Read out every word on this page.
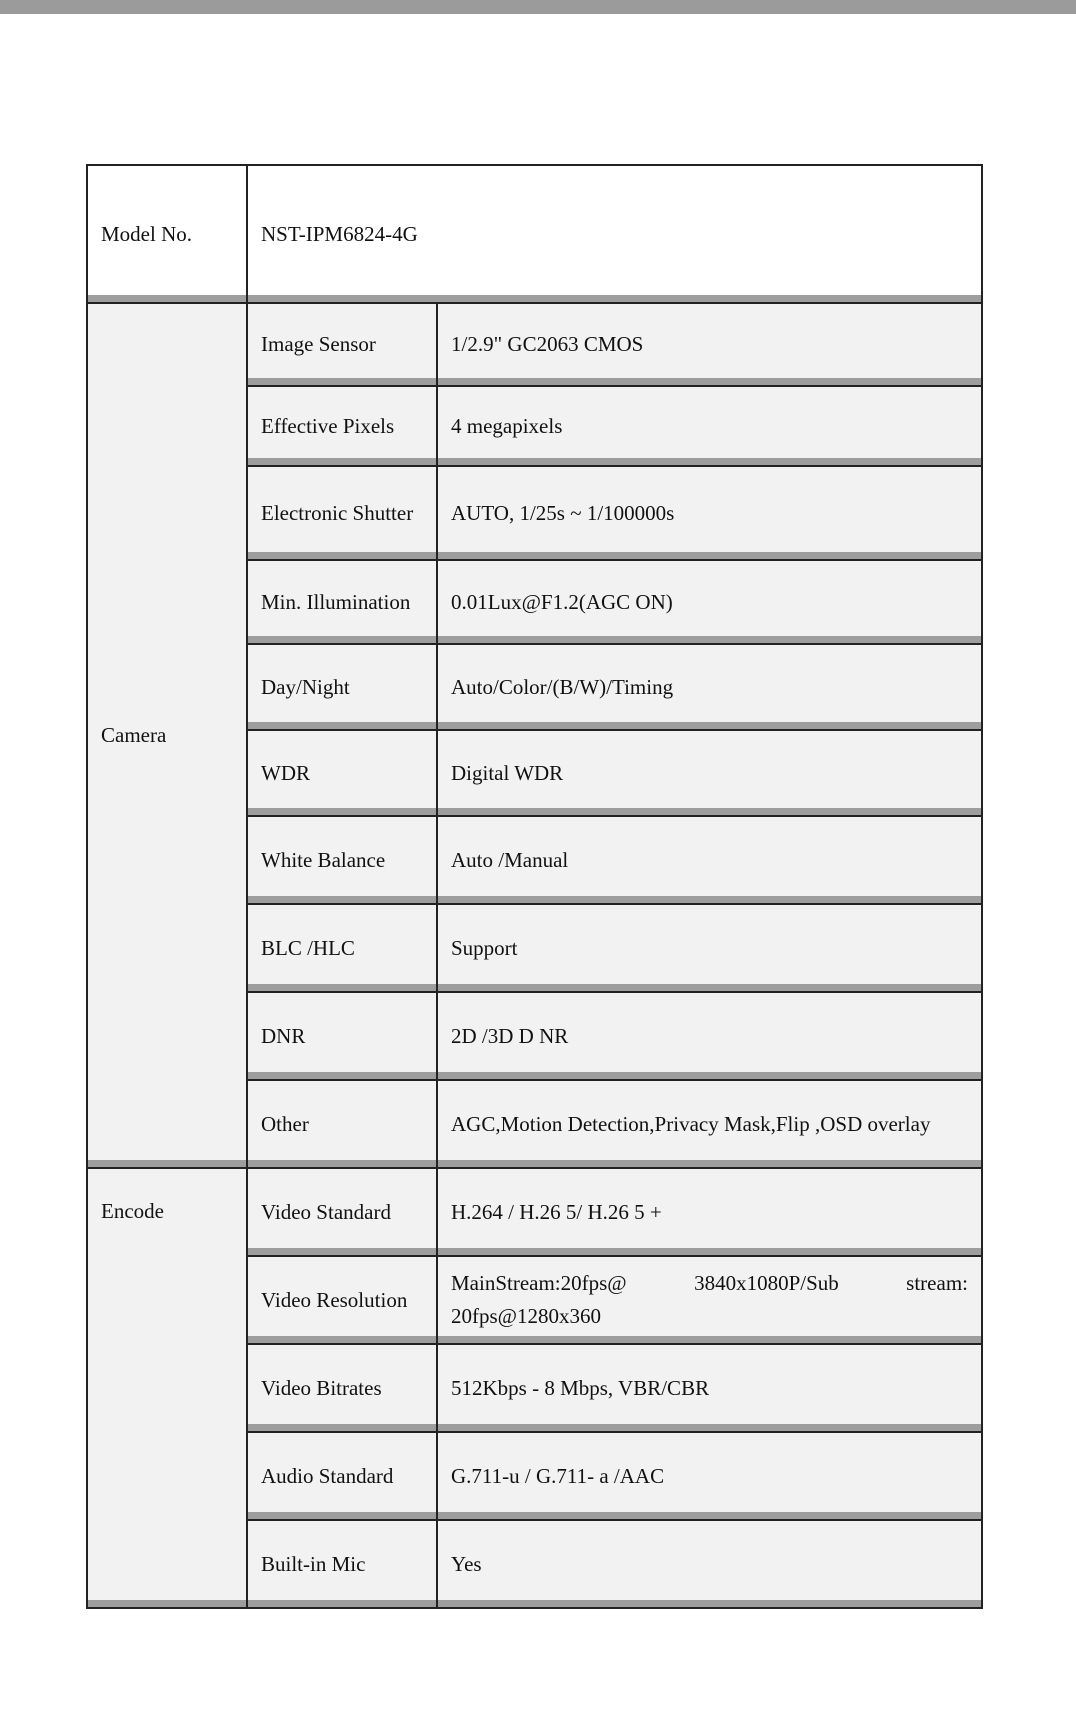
Model No.	NST-IPM6824-4G	
Camera	Image Sensor	1/2.9" GC2063 CMOS
	Effective Pixels	4 megapixels
	Electronic Shutter	AUTO, 1/25s ~ 1/100000s
	Min. Illumination	0.01Lux@F1.2(AGC ON)
	Day/Night	Auto/Color/(B/W)/Timing
	WDR	Digital WDR
	White Balance	Auto /Manual
	BLC /HLC	Support
	DNR	2D /3D D NR
	Other	AGC,Motion Detection,Privacy Mask,Flip ,OSD overlay
Encode	Video Standard	H.264 / H.26 5/ H.26 5 +
	Video Resolution	MainStream:20fps@ 3840x1080P/Sub stream:
20fps@1280x360

	Video Bitrates	512Kbps - 8 Mbps, VBR/CBR
	Audio Standard	G.711-u / G.711- a /AAC
	Built-in Mic	Yes
